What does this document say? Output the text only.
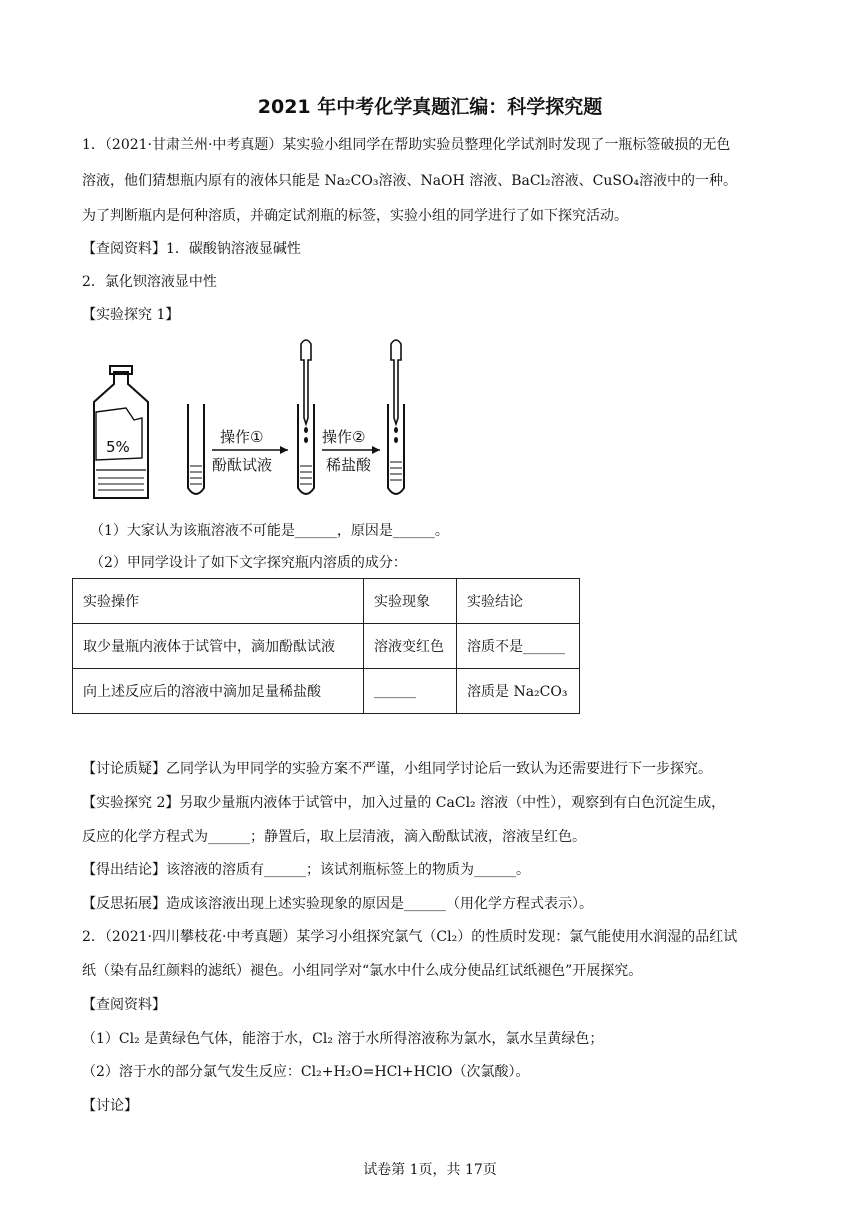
2021 年中考化学真题汇编：科学探究题
1．（2021·甘肃兰州·中考真题）某实验小组同学在帮助实验员整理化学试剂时发现了一瓶标签破损的无色
溶液，他们猜想瓶内原有的液体只能是 Na₂CO₃溶液、NaOH 溶液、BaCl₂溶液、CuSO₄溶液中的一种。
为了判断瓶内是何种溶质，并确定试剂瓶的标签，实验小组的同学进行了如下探究活动。
【查阅资料】1．碳酸钠溶液显碱性
2．氯化钡溶液显中性
【实验探究 1】
5%
操作①
酚酞试液
操作②
稀盐酸
（1）大家认为该瓶溶液不可能是______，原因是______。
（2）甲同学设计了如下文字探究瓶内溶质的成分：
实验操作	实验现象	实验结论
取少量瓶内液体于试管中，滴加酚酞试液	溶液变红色	溶质不是______
向上述反应后的溶液中滴加足量稀盐酸	______	溶质是 Na₂CO₃
【讨论质疑】乙同学认为甲同学的实验方案不严谨，小组同学讨论后一致认为还需要进行下一步探究。
【实验探究 2】另取少量瓶内液体于试管中，加入过量的 CaCl₂ 溶液（中性），观察到有白色沉淀生成，
反应的化学方程式为______；静置后，取上层清液，滴入酚酞试液，溶液呈红色。
【得出结论】该溶液的溶质有______；该试剂瓶标签上的物质为______。
【反思拓展】造成该溶液出现上述实验现象的原因是______（用化学方程式表示）。
2．（2021·四川攀枝花·中考真题）某学习小组探究氯气（Cl₂）的性质时发现：氯气能使用水润湿的品红试
纸（染有品红颜料的滤纸）褪色。小组同学对“氯水中什么成分使品红试纸褪色”开展探究。
【查阅资料】
（1）Cl₂ 是黄绿色气体，能溶于水，Cl₂ 溶于水所得溶液称为氯水，氯水呈黄绿色；
（2）溶于水的部分氯气发生反应：Cl₂+H₂O=HCl+HClO（次氯酸）。
【讨论】
试卷第 1页，共 17页
